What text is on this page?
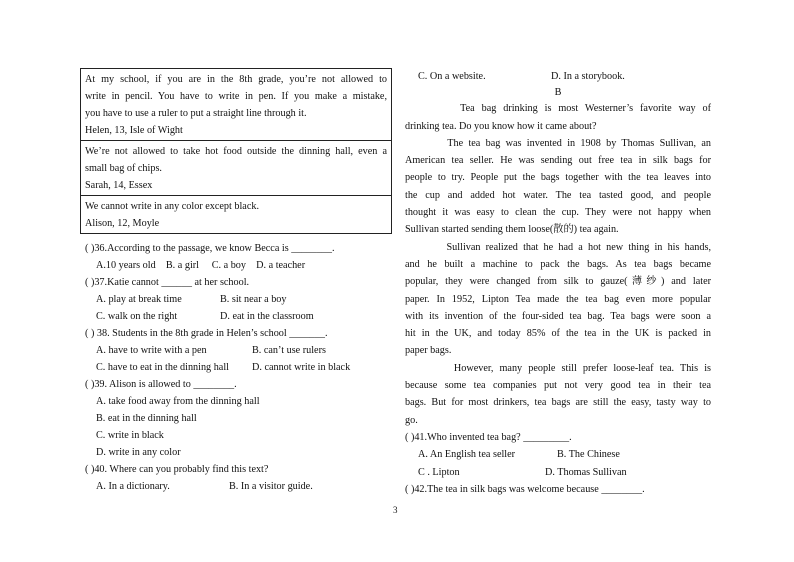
At my school, if you are in the 8th grade, you’re not allowed to
write in pencil. You have to write in pen. If you make a mistake,
you have to use a ruler to put a straight line through it.
Helen, 13, Isle of Wight
We’re not allowed to take hot food outside the dinning hall, even a
small bag of chips.
Sarah, 14, Essex
We cannot write in any color except black.
Alison, 12, Moyle
( )36.According to the passage, we know Becca is ________.
A.10 years old B. a girl C. a boy D. a teacher
( )37.Katie cannot ______ at her school.
A. play at break time	B. sit near a boy
C. walk on the right	D. eat in the classroom
( ) 38. Students in the 8th grade in Helen’s school _______.
A. have to write with a pen	B. can’t use rulers
C. have to eat in the dinning hall D. cannot write in black
( )39. Alison is allowed to ________.
A. take food away from the dinning hall
B. eat in the dinning hall
C. write in black
D. write in any color
( )40. Where can you probably find this text?
A. In a dictionary.	B. In a visitor guide.
C. On a website.	D. In a storybook.
B
Tea bag drinking is most Westerner’s favorite way of
drinking tea. Do you know how it came about?
The tea bag was invented in 1908 by Thomas Sullivan, an
American tea seller. He was sending out free tea in silk bags for
people to try. People put the bags together with the tea leaves into
the cup and added hot water. The tea tasted good, and people
thought it was easy to clean the cup. They were not happy when
Sullivan started sending them loose(散的) tea again.
Sullivan realized that he had a hot new thing in his hands,
and he built a machine to pack the bags. As tea bags became
popular, they were changed from silk to gauze(薄纱) and later
paper. In 1952, Lipton Tea made the tea bag even more popular
with its invention of the four-sided tea bag. Tea bags were soon a
hit in the UK, and today 85% of the tea in the UK is packed in
paper bags.
However, many people still prefer loose-leaf tea. This is
because some tea companies put not very good tea in their tea
bags. But for most drinkers, tea bags are still the easy, tasty way to
go.
( )41.Who invented tea bag? _________.
A. An English tea seller	B. The Chinese
C . Lipton	D. Thomas Sullivan
( )42.The tea in silk bags was welcome because ________.
3
